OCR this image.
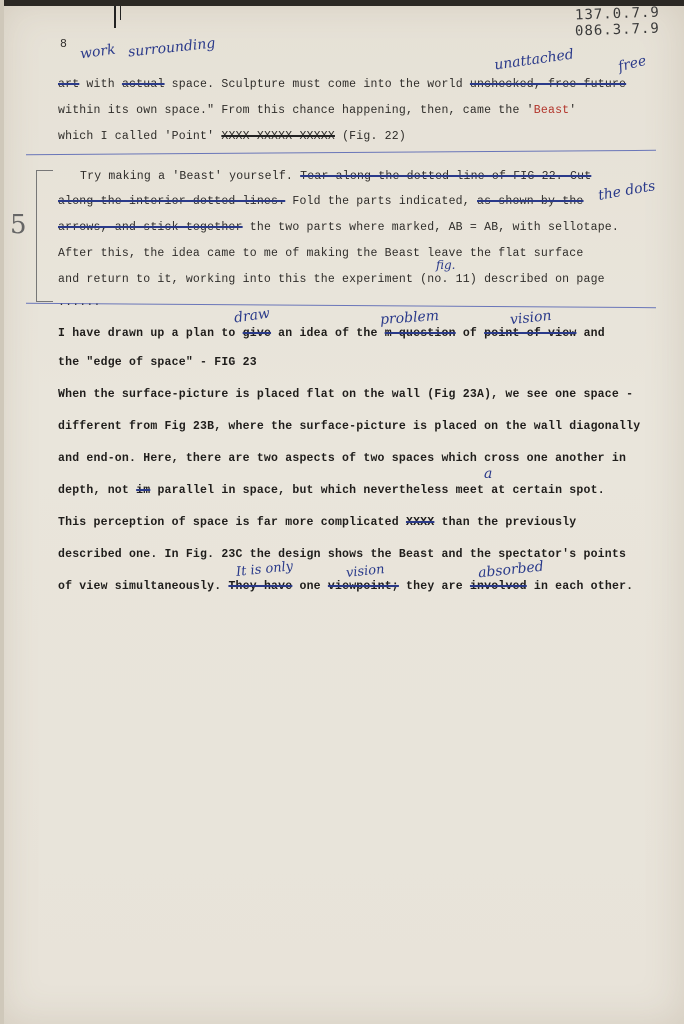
137.0.7.9
086.3.7.9
8 work surrounding	unattached	free
art with actual space. Sculpture must come into the world unchecked, free future
within its own space." From this chance happening, then, came the 'Beast'
which I called 'Point' XXXX XXXXX XXXXX (Fig. 22)
5
Try making a 'Beast' yourself. Tear along the dotted line of FIG 22. Cut
along the interior dotted lines. Fold the parts indicated, as shown by the the dots
arrows, and stick together the two parts where marked, AB = AB, with sellotape.
After this, the idea came to me of making the Beast leave the flat surface
fig.
and return to it, working into this the experiment (no. 11) described on page
draw	problem	vision
I have drawn up a plan to give an idea of the m question of point of view and
the "edge of space" - FIG 23
When the surface-picture is placed flat on the wall (Fig 23A), we see one space -
different from Fig 23B, where the surface-picture is placed on the wall diagonally
and end-on. Here, there are two aspects of two spaces which cross one another in
a
depth, not im parallel in space, but which nevertheless meet at certain spot.
This perception of space is far more complicated XXXX than the previously
described one. In Fig. 23C the design shows the Beast and the spectator's points
It is only	vision	absorbed
of view simultaneously. They have one viewpoint; they are involved in each other.
